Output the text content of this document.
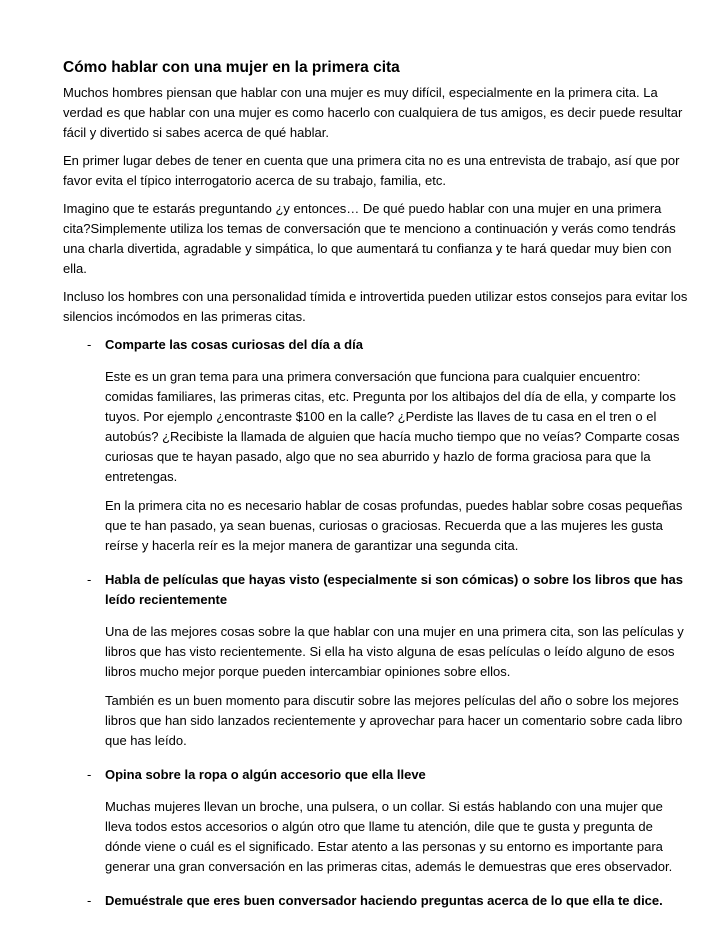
Cómo hablar con una mujer en la primera cita

Muchos hombres piensan que hablar con una mujer es muy difícil, especialmente en la primera cita. La verdad es que hablar con una mujer es como hacerlo con cualquiera de tus amigos, es decir puede resultar fácil y divertido si sabes acerca de qué hablar.

En primer lugar debes de tener en cuenta que una primera cita no es una entrevista de trabajo, así que por favor evita el típico interrogatorio acerca de su trabajo, familia, etc.

Imagino que te estarás preguntando ¿y entonces… De qué puedo hablar con una mujer en una primera cita?Simplemente utiliza los temas de conversación que te menciono a continuación y verás como tendrás una charla divertida, agradable y simpática, lo que aumentará tu confianza y te hará quedar muy bien con ella.

Incluso los hombres con una personalidad tímida e introvertida pueden utilizar estos consejos para evitar los silencios incómodos en las primeras citas.

- Comparte las cosas curiosas del día a día

Este es un gran tema para una primera conversación que funciona para cualquier encuentro: comidas familiares, las primeras citas, etc. Pregunta por los altibajos del día de ella, y comparte los tuyos. Por ejemplo ¿encontraste $100 en la calle? ¿Perdiste las llaves de tu casa en el tren o el autobús? ¿Recibiste la llamada de alguien que hacía mucho tiempo que no veías? Comparte cosas curiosas que te hayan pasado, algo que no sea aburrido y hazlo de forma graciosa para que la entretengas.

En la primera cita no es necesario hablar de cosas profundas, puedes hablar sobre cosas pequeñas que te han pasado, ya sean buenas, curiosas o graciosas. Recuerda que a las mujeres les gusta reírse y hacerla reír es la mejor manera de garantizar una segunda cita.

- Habla de películas que hayas visto (especialmente si son cómicas) o sobre los libros que has leído recientemente

Una de las mejores cosas sobre la que hablar con una mujer en una primera cita, son las películas y libros que has visto recientemente. Si ella ha visto alguna de esas películas o leído alguno de esos libros mucho mejor porque pueden intercambiar opiniones sobre ellos.

También es un buen momento para discutir sobre las mejores películas del año o sobre los mejores libros que han sido lanzados recientemente y aprovechar para hacer un comentario sobre cada libro que has leído.

- Opina sobre la ropa o algún accesorio que ella lleve

Muchas mujeres llevan un broche, una pulsera, o un collar. Si estás hablando con una mujer que lleva todos estos accesorios o algún otro que llame tu atención, dile que te gusta y pregunta de dónde viene o cuál es el significado. Estar atento a las personas y su entorno es importante para generar una gran conversación en las primeras citas, además le demuestras que eres observador.

- Demuéstrale que eres buen conversador haciendo preguntas acerca de lo que ella te dice.
